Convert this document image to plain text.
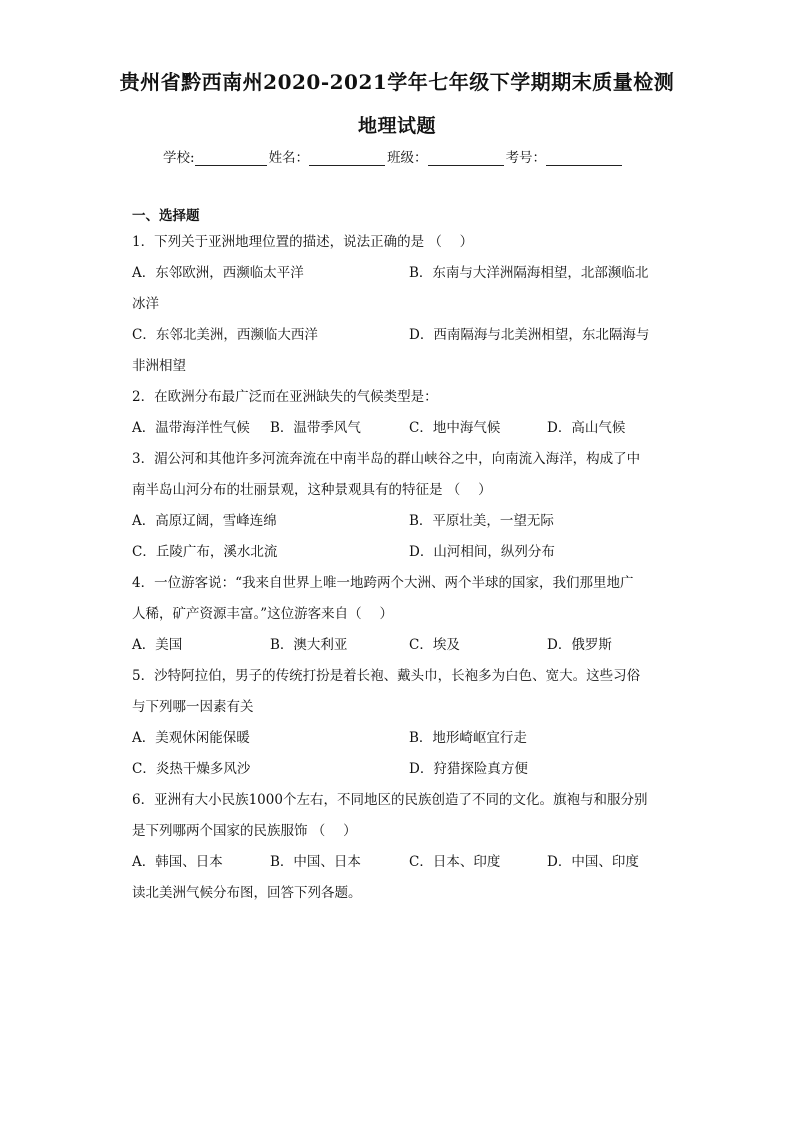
贵州省黔西南州2020-2021学年七年级下学期期末质量检测
地理试题
学校:	姓名：	班级：	考号：
一、选择题
1．下列关于亚洲地理位置的描述，说法正确的是 （　 ）
A．东邻欧洲，西濒临太平洋	B．东南与大洋洲隔海相望，北部濒临北
冰洋
C．东邻北美洲，西濒临大西洋	D．西南隔海与北美洲相望，东北隔海与
非洲相望
2．在欧洲分布最广泛而在亚洲缺失的气候类型是：
A．温带海洋性气候 B．温带季风气	C．地中海气候	D．高山气候
3．湄公河和其他许多河流奔流在中南半岛的群山峡谷之中，向南流入海洋，构成了中
南半岛山河分布的壮丽景观，这种景观具有的特征是 （　 ）
A．高原辽阔，雪峰连绵	B．平原壮美，一望无际
C．丘陵广布，溪水北流	D．山河相间，纵列分布
4．一位游客说：“我来自世界上唯一地跨两个大洲、两个半球的国家，我们那里地广
人稀，矿产资源丰富。”这位游客来自（　 ）
A．美国	B．澳大利亚	C．埃及	D．俄罗斯
5．沙特阿拉伯，男子的传统打扮是着长袍、戴头巾，长袍多为白色、宽大。这些习俗
与下列哪一因素有关
A．美观休闲能保暖	B．地形崎岖宜行走
C．炎热干燥多风沙	D．狩猎探险真方便
6．亚洲有大小民族1000个左右，不同地区的民族创造了不同的文化。旗袍与和服分别
是下列哪两个国家的民族服饰 （　 ）
A．韩国、日本	B．中国、日本	C．日本、印度	D．中国、印度
读北美洲气候分布图，回答下列各题。
